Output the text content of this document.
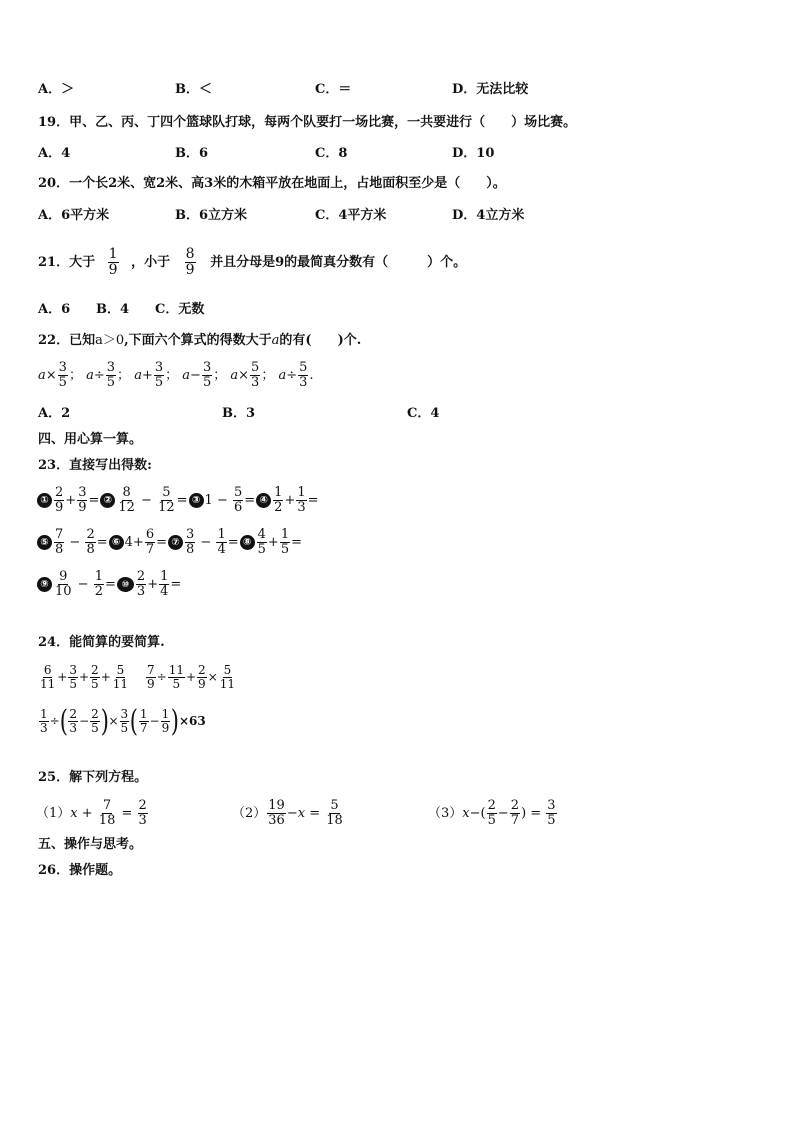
A．＞	B．＜	C．＝	D．无法比较
19．甲、乙、丙、丁四个篮球队打球，每两个队要打一场比赛，一共要进行（　　）场比赛。
A．4	B．6	C．8	D．10
20．一个长2米、宽2米、高3米的木箱平放在地面上，占地面积至少是（　　）。
A．6平方米	B．6立方米	C．4平方米	D．4立方米
21．大于 $\frac{1}{9}$ ，小于 $\frac{8}{9}$ 并且分母是9的最简真分数有（　　　）个。
A．6 B．4 C．无数
22．已知a＞0,下面六个算式的得数大于a的有(　　)个.
$a\times \frac{3}{5}$ ； $a\div \frac{3}{5}$ ； $a+ \frac{3}{5}$ ； $a- \frac{3}{5}$ ； $a\times \frac{5}{3}$ ； $a\div \frac{5}{3}$ .
A．2	B．3	C．4
四、用心算一算。
23．直接写出得数:
① $\frac{2}{9} + \frac{3}{9}$ = ② $\frac{8}{12} - \frac{5}{12}$ = ③ $1 - \frac{5}{6}$ = ④ $\frac{1}{2} + \frac{1}{3}$ =
⑤ $\frac{7}{8} - \frac{2}{8}$ = ⑥ $4+ \frac{6}{7}$ = ⑦ $\frac{3}{8} - \frac{1}{4}$ = ⑧ $\frac{4}{5} + \frac{1}{5}$ =
⑨ $\frac{9}{10} - \frac{1}{2}$ = ⑩ $\frac{2}{3} + \frac{1}{4}$ =
24．能简算的要简算.
$\frac{6}{11} + \frac{3}{5} + \frac{2}{5} + \frac{5}{11} \frac{7}{9} \div \frac{11}{5} + \frac{2}{9} \times \frac{5}{11}$
$\frac{1}{3}$ ÷( $\frac{2}{3} - \frac{2}{5}$ )× $\frac{3}{5}$ ( $\frac{1}{7} - \frac{1}{9} )\times 63$
25．解下列方程。
$(1)x + \frac{7}{18} = \frac{2}{3}$	$(2) \frac{19}{36} -x = \frac{5}{18}$	$(3)x-( \frac{2}{5} - \frac{2}{7}$ ) = $\frac{3}{5}$
五、操作与思考。
26．操作题。
